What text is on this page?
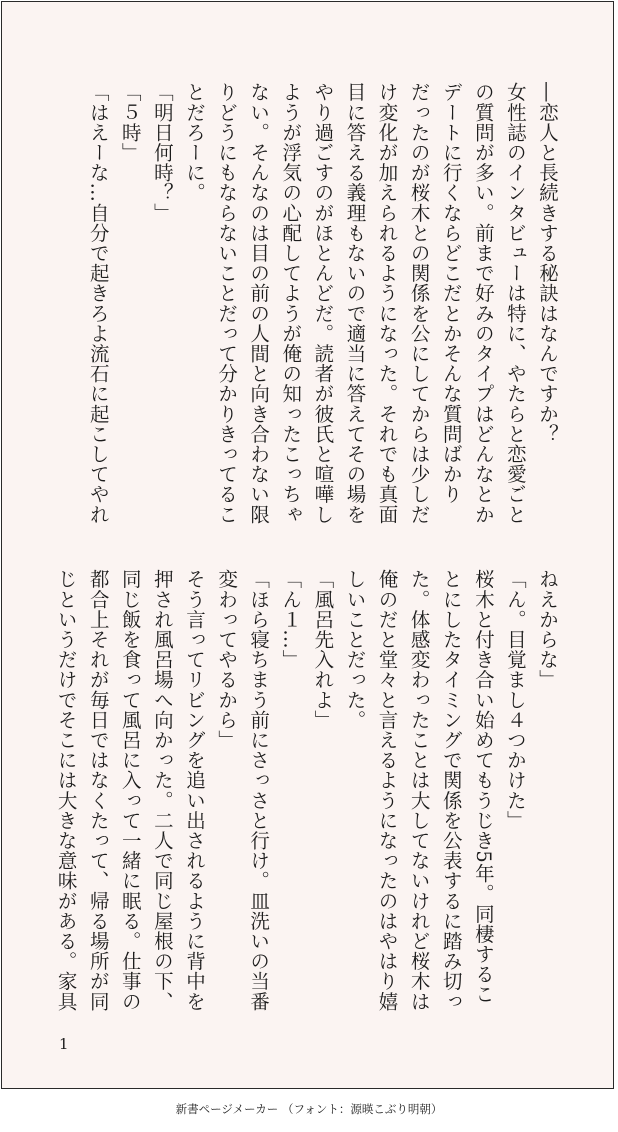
―恋人と長続きする秘訣はなんですか？
女性誌のインタビューは特に、やたらと恋愛ごと
の質問が多い。前まで好みのタイプはどんなとか
デートに行くならどこだとかそんな質問ばかり
だったのが桜木との関係を公にしてからは少しだ
け変化が加えられるようになった。それでも真面
目に答える義理もないので適当に答えてその場を
やり過ごすのがほとんどだ。読者が彼氏と喧嘩し
ようが浮気の心配してようが俺の知ったこっちゃ
ない。そんなのは目の前の人間と向き合わない限
りどうにもならないことだって分かりきってるこ
とだろーに。
「明日何時？」
「５時」
「はえーな…自分で起きろよ流石に起こしてやれ
ねえからな」
「ん。目覚まし４つかけた」
桜木と付き合い始めてもうじき5年。同棲するこ
とにしたタイミングで関係を公表するに踏み切っ
た。体感変わったことは大してないけれど桜木は
俺のだと堂々と言えるようになったのはやはり嬉
しいことだった。
「風呂先入れよ」
「ん１…」
「ほら寝ちまう前にさっさと行け。皿洗いの当番
変わってやるから」
そう言ってリビングを追い出されるように背中を
押され風呂場へ向かった。二人で同じ屋根の下、
同じ飯を食って風呂に入って一緒に眠る。仕事の
都合上それが毎日ではなくたって、帰る場所が同
じというだけでそこには大きな意味がある。家具
1
新書ページメーカー （フォント：源暎こぶり明朝）
